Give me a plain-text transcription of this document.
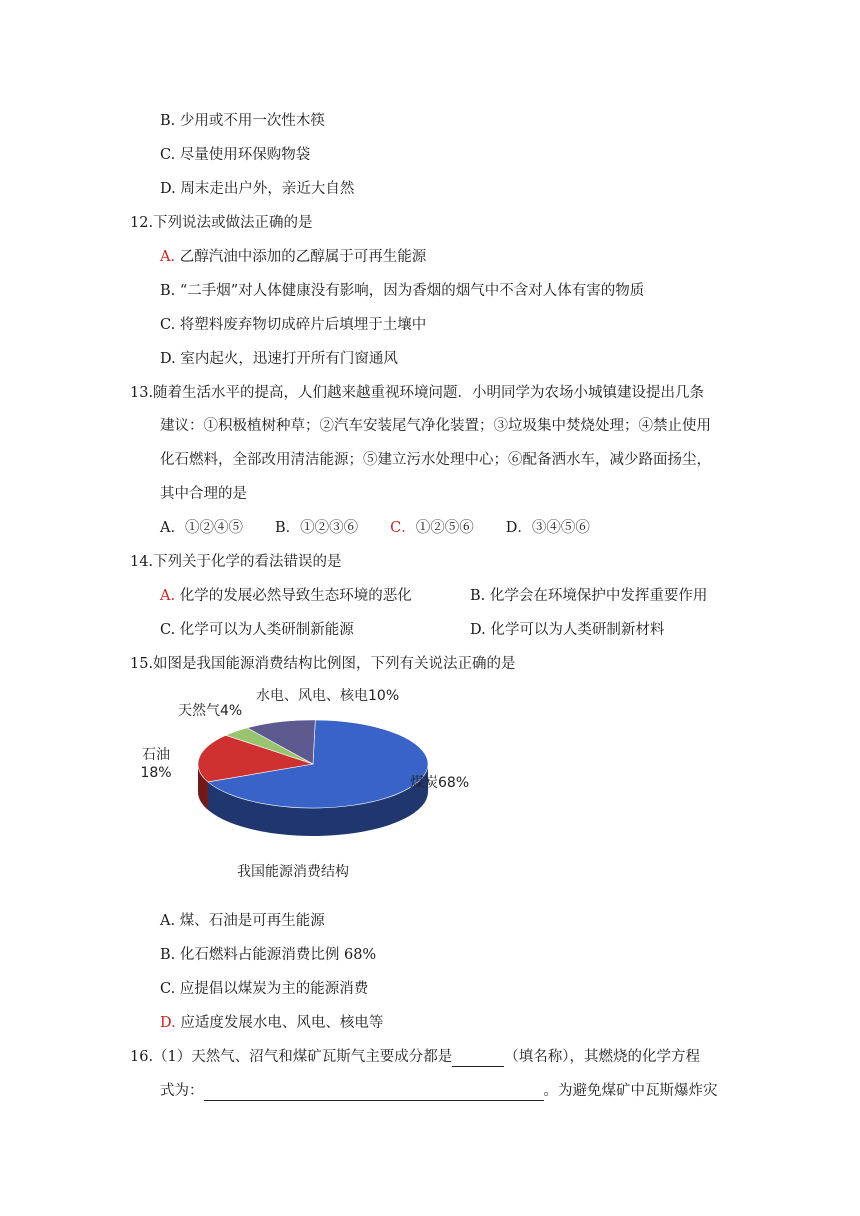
B. 少用或不用一次性木筷
C. 尽量使用环保购物袋
D. 周末走出户外，亲近大自然
12.下列说法或做法正确的是
A. 乙醇汽油中添加的乙醇属于可再生能源
B. “二手烟”对人体健康没有影响，因为香烟的烟气中不含对人体有害的物质
C. 将塑料废弃物切成碎片后填埋于土壤中
D. 室内起火，迅速打开所有门窗通风
13.随着生活水平的提高，人们越来越重视环境问题．小明同学为农场小城镇建设提出几条
建议：①积极植树种草；②汽车安装尾气净化装置；③垃圾集中焚烧处理；④禁止使用
化石燃料，全部改用清洁能源；⑤建立污水处理中心；⑥配备洒水车，减少路面扬尘，
其中合理的是
A．①②④⑤ B．①②③⑥ C．①②⑤⑥ D．③④⑤⑥
14.下列关于化学的看法错误的是
A. 化学的发展必然导致生态环境的恶化	B. 化学会在环境保护中发挥重要作用
C. 化学可以为人类研制新能源	D. 化学可以为人类研制新材料
15.如图是我国能源消费结构比例图，下列有关说法正确的是
煤炭68%
石油
18%
天然气4%
水电、风电、核电10%
我国能源消费结构
A. 煤、石油是可再生能源
B. 化石燃料占能源消费比例 68%
C. 应提倡以煤炭为主的能源消费
D. 应适度发展水电、风电、核电等
16.（1）天然气、沼气和煤矿瓦斯气主要成分都是	（填名称），其燃烧的化学方程
式为：	。为避免煤矿中瓦斯爆炸灾
